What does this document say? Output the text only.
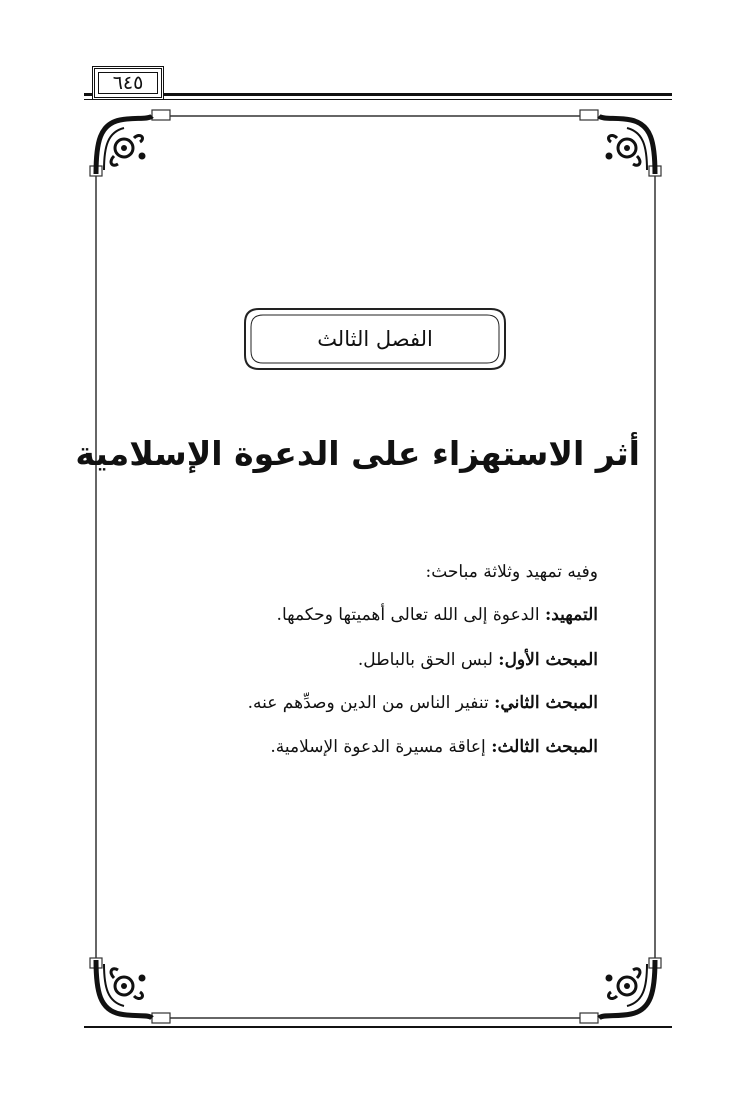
٦٤٥
الفصل الثالث
أثر الاستهزاء على الدعوة الإسلامية
وفيه تمهيد وثلاثة مباحث:
التمهيد: الدعوة إلى الله تعالى أهميتها وحكمها.
المبحث الأول: لبس الحق بالباطل.
المبحث الثاني: تنفير الناس من الدين وصدِّهم عنه.
المبحث الثالث: إعاقة مسيرة الدعوة الإسلامية.
